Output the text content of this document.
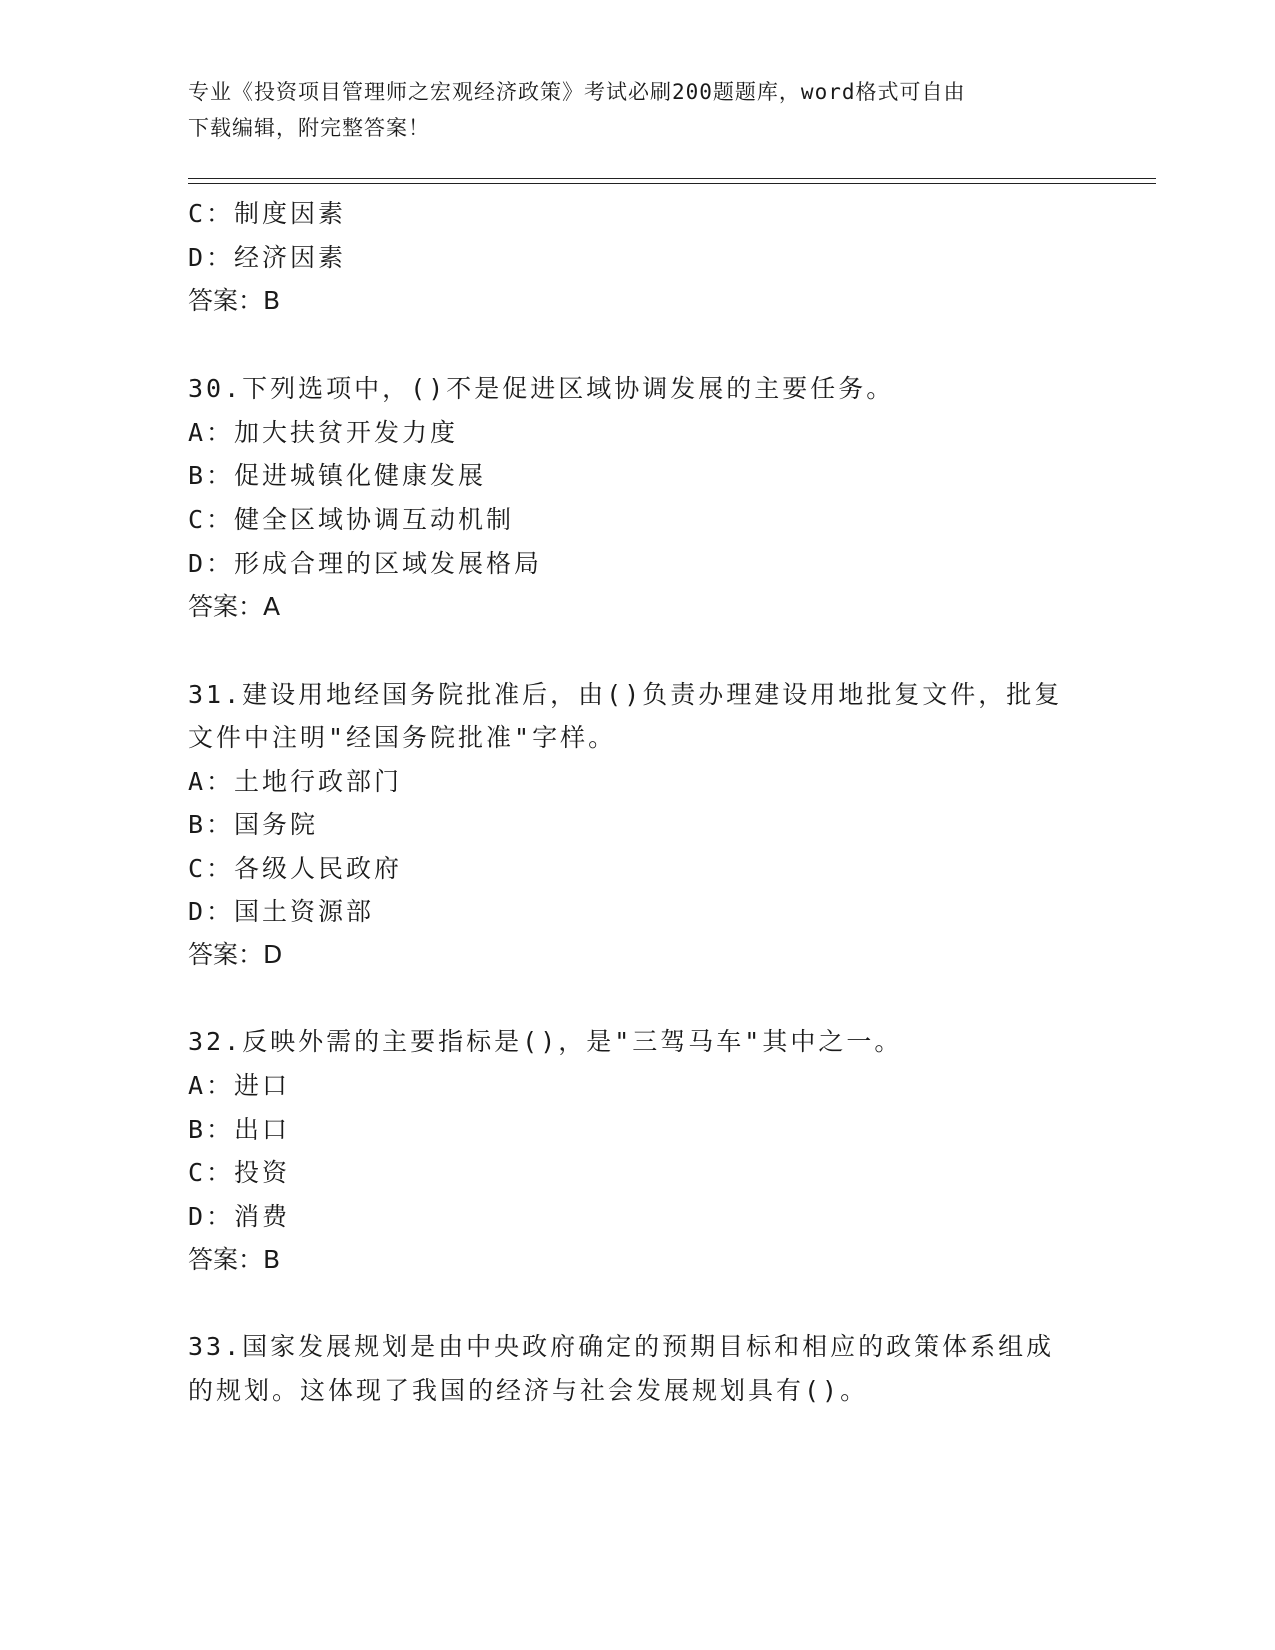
专业《投资项目管理师之宏观经济政策》考试必刷200题题库，word格式可自由
下载编辑，附完整答案！
C：制度因素
D：经济因素
答案：B
30.下列选项中，()不是促进区域协调发展的主要任务。
A：加大扶贫开发力度
B：促进城镇化健康发展
C：健全区域协调互动机制
D：形成合理的区域发展格局
答案：A
31.建设用地经国务院批准后，由()负责办理建设用地批复文件，批复
文件中注明"经国务院批准"字样。
A：土地行政部门
B：国务院
C：各级人民政府
D：国土资源部
答案：D
32.反映外需的主要指标是()，是"三驾马车"其中之一。
A：进口
B：出口
C：投资
D：消费
答案：B
33.国家发展规划是由中央政府确定的预期目标和相应的政策体系组成
的规划。这体现了我国的经济与社会发展规划具有()。
